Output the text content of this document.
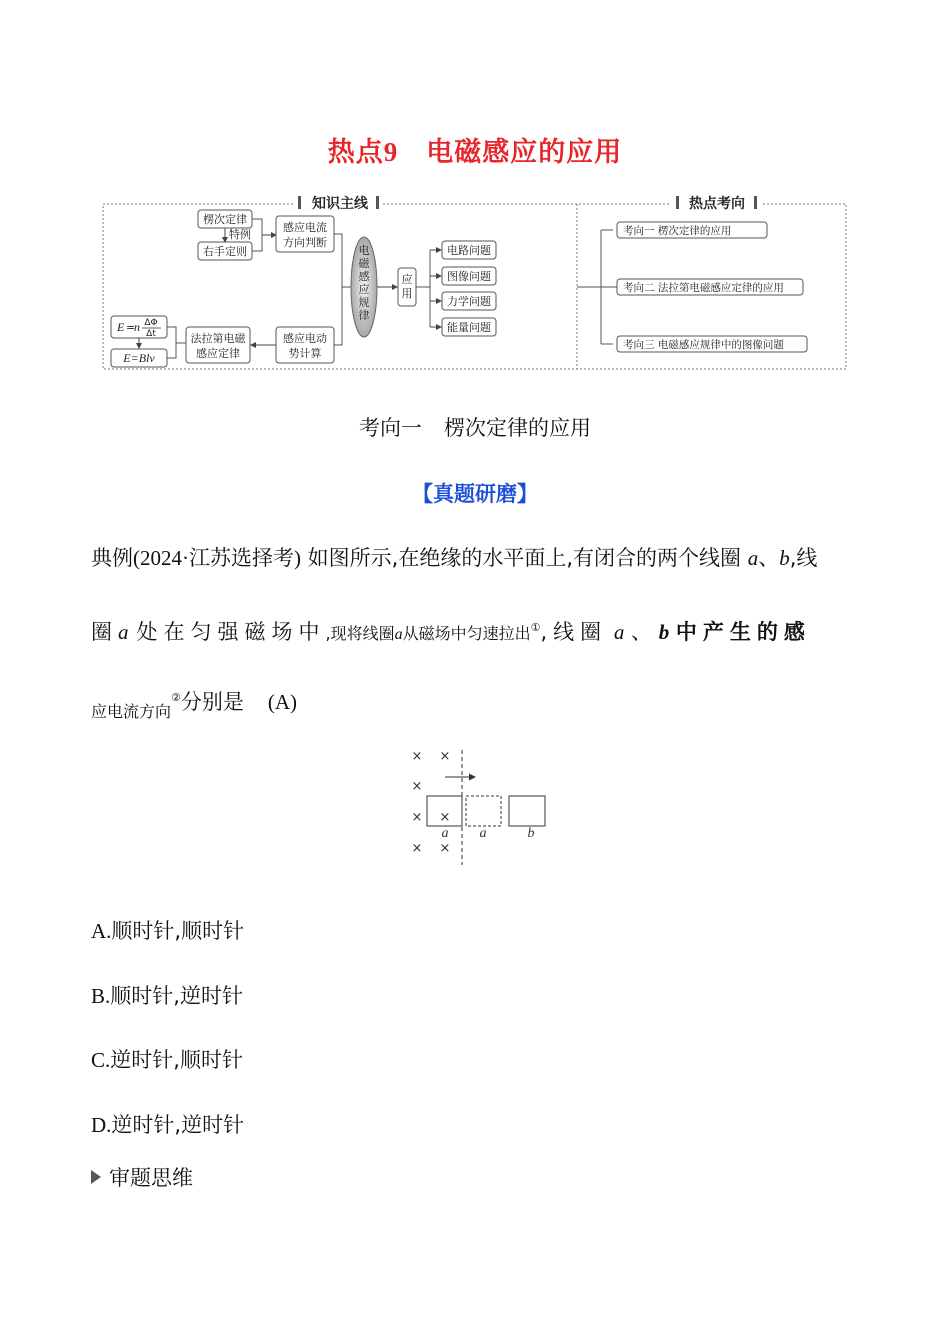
热点9 电磁感应的应用
知识主线	热点考向
楞次定律
特例
右手定则
感应电流
方向判断
E =
n ΔΦ
Δt
E=Blv
法拉第电磁
感应定律
感应电动
势计算
电磁感应规律
应用
电路问题
图像问题
力学问题
能量问题
考向一 楞次定律的应用
考向二 法拉第电磁感应定律的应用
考向三 电磁感应规律中的图像问题
考向一 楞次定律的应用
【真题研磨】
典例(2024·江苏选择考) 如图所示,在绝缘的水平面上,有闭合的两个线圈 a、b,线
圈a 处在匀强磁场中,现将线圈a从磁场中匀速拉出①,线圈 a 、 b 中产生的感
$_{应电流方向}$②分别是 (A)
× ×
×
× ×
× ×
a a	b
A.顺时针,顺时针
B.顺时针,逆时针
C.逆时针,顺时针
D.逆时针,逆时针
审题思维
